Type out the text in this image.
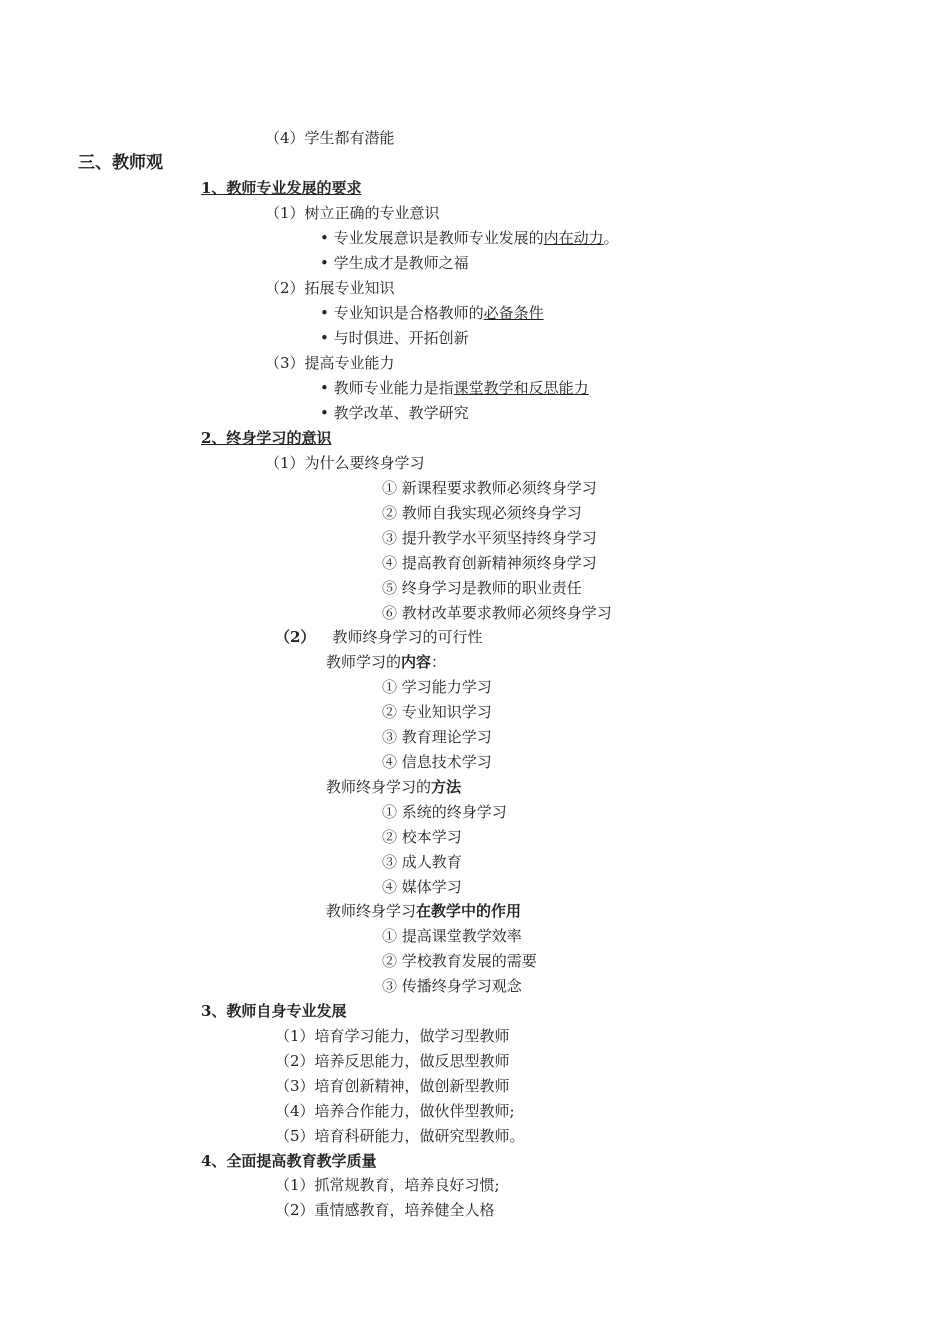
（4）学生都有潜能
三、教师观
1、教师专业发展的要求
（1）树立正确的专业意识
• 专业发展意识是教师专业发展的内在动力。
• 学生成才是教师之福
（2）拓展专业知识
• 专业知识是合格教师的必备条件
• 与时俱进、开拓创新
（3）提高专业能力
• 教师专业能力是指课堂教学和反思能力
• 教学改革、教学研究
2、终身学习的意识
（1）为什么要终身学习
① 新课程要求教师必须终身学习
② 教师自我实现必须终身学习
③ 提升教学水平须坚持终身学习
④ 提高教育创新精神须终身学习
⑤ 终身学习是教师的职业责任
⑥ 教材改革要求教师必须终身学习
（2） 教师终身学习的可行性
教师学习的内容：
① 学习能力学习
② 专业知识学习
③ 教育理论学习
④ 信息技术学习
教师终身学习的方法
① 系统的终身学习
② 校本学习
③ 成人教育
④ 媒体学习
教师终身学习在教学中的作用
① 提高课堂教学效率
② 学校教育发展的需要
③ 传播终身学习观念
3、教师自身专业发展
（1）培育学习能力，做学习型教师
（2）培养反思能力，做反思型教师
（3）培育创新精神，做创新型教师
（4）培养合作能力，做伙伴型教师;
（5）培育科研能力，做研究型教师。
4、全面提高教育教学质量
（1）抓常规教育，培养良好习惯;
（2）重情感教育，培养健全人格
